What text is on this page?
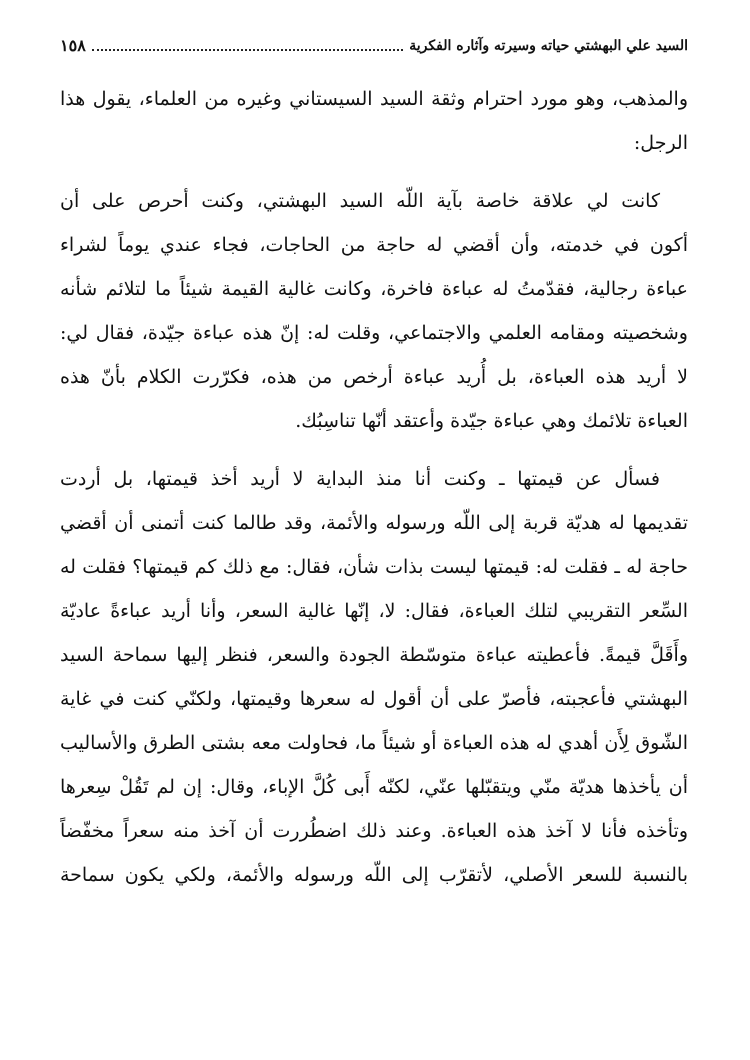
السيد علي البهشتي حياته وسيرته وآثاره الفكرية
١٥٨
والمذهب، وهو مورد احترام وثقة السيد السيستاني وغيره من العلماء، يقول هذا
الرجل:
كانت لي علاقة خاصة بآية اللّه السيد البهشتي، وكنت أحرص على أن
أكون في خدمته، وأن أقضي له حاجة من الحاجات، فجاء عندي يوماً لشراء
عباءة رجالية، فقدّمتُ له عباءة فاخرة، وكانت غالية القيمة شيئاً ما لتلائم شأنه
وشخصيته ومقامه العلمي والاجتماعي، وقلت له: إنّ هذه عباءة جيّدة، فقال لي:
لا أريد هذه العباءة، بل أُريد عباءة أرخص من هذه، فكرّرت الكلام بأنّ هذه
العباءة تلائمك وهي عباءة جيّدة وأعتقد أنّها تناسِبُك.
فسأل عن قيمتها ـ وكنت أنا منذ البداية لا أريد أخذ قيمتها، بل أردت
تقديمها له هديّة قربة إلى اللّه ورسوله والأئمة، وقد طالما كنت أتمنى أن أقضي
حاجة له ـ فقلت له: قيمتها ليست بذات شأن، فقال: مع ذلك كم قيمتها؟ فقلت له
السِّعر التقريبي لتلك العباءة، فقال: لا، إنّها غالية السعر، وأنا أريد عباءةً عاديّة
وأَقَلَّ قيمةً. فأعطيته عباءة متوسّطة الجودة والسعر، فنظر إليها سماحة السيد
البهشتي فأعجبته، فأصرّ على أن أقول له سعرها وقيمتها، ولكنّي كنت في غاية
الشّوق لِأَن أهدي له هذه العباءة أو شيئاً ما، فحاولت معه بشتى الطرق والأساليب
أن يأخذها هديّة منّي ويتقبّلها عنّي، لكنّه أَبى كُلَّ الإباء، وقال: إن لم تَقُلْ سِعرها
وتأخذه فأنا لا آخذ هذه العباءة. وعند ذلك اضطُررت أن آخذ منه سعراً مخفّضاً
بالنسبة للسعر الأصلي، لأتقرّب إلى اللّه ورسوله والأئمة، ولكي يكون سماحة
